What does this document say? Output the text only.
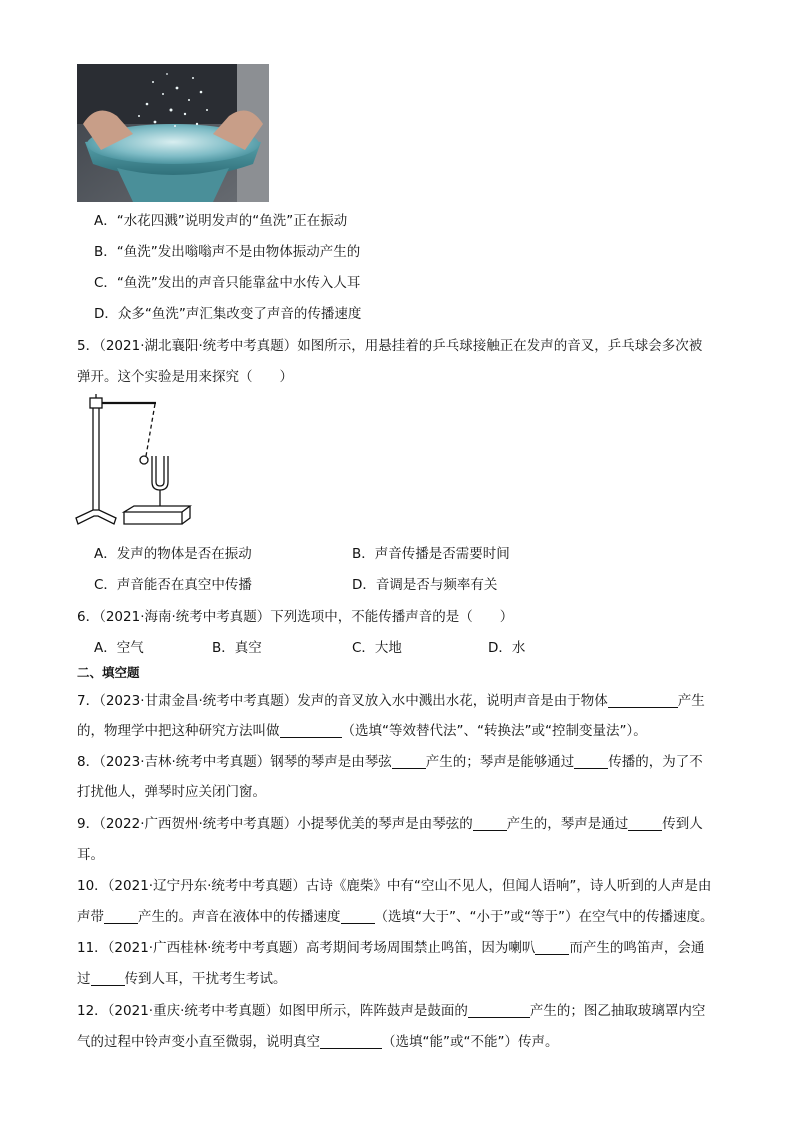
A．“水花四溅”说明发声的“鱼洗”正在振动
B．“鱼洗”发出嗡嗡声不是由物体振动产生的
C．“鱼洗”发出的声音只能靠盆中水传入人耳
D．众多“鱼洗”声汇集改变了声音的传播速度
5．（2021·湖北襄阳·统考中考真题）如图所示，用悬挂着的乒乓球接触正在发声的音叉，乒乓球会多次被
弹开。这个实验是用来探究（　　）
A．发声的物体是否在振动	B．声音传播是否需要时间
C．声音能否在真空中传播	D．音调是否与频率有关
6．（2021·海南·统考中考真题）下列选项中，不能传播声音的是（　　）
A．空气	B．真空	C．大地	D．水
二、填空题
7．（2023·甘肃金昌·统考中考真题）发声的音叉放入水中溅出水花，说明声音是由于物体	产生
的，物理学中把这种研究方法叫做	（选填“等效替代法”、“转换法”或“控制变量法”）。
8．（2023·吉林·统考中考真题）钢琴的琴声是由琴弦	产生的；琴声是能够通过	传播的，为了不
打扰他人，弹琴时应关闭门窗。
9．（2022·广西贺州·统考中考真题）小提琴优美的琴声是由琴弦的	产生的，琴声是通过	传到人
耳。
10．（2021·辽宁丹东·统考中考真题）古诗《鹿柴》中有“空山不见人，但闻人语响”，诗人听到的人声是由
声带	产生的。声音在液体中的传播速度	（选填“大于”、“小于”或“等于”）在空气中的传播速度。
11．（2021·广西桂林·统考中考真题）高考期间考场周围禁止鸣笛，因为喇叭	而产生的鸣笛声，会通
过	传到人耳，干扰考生考试。
12．（2021·重庆·统考中考真题）如图甲所示，阵阵鼓声是鼓面的	产生的；图乙抽取玻璃罩内空
气的过程中铃声变小直至微弱，说明真空	（选填“能”或“不能”）传声。
